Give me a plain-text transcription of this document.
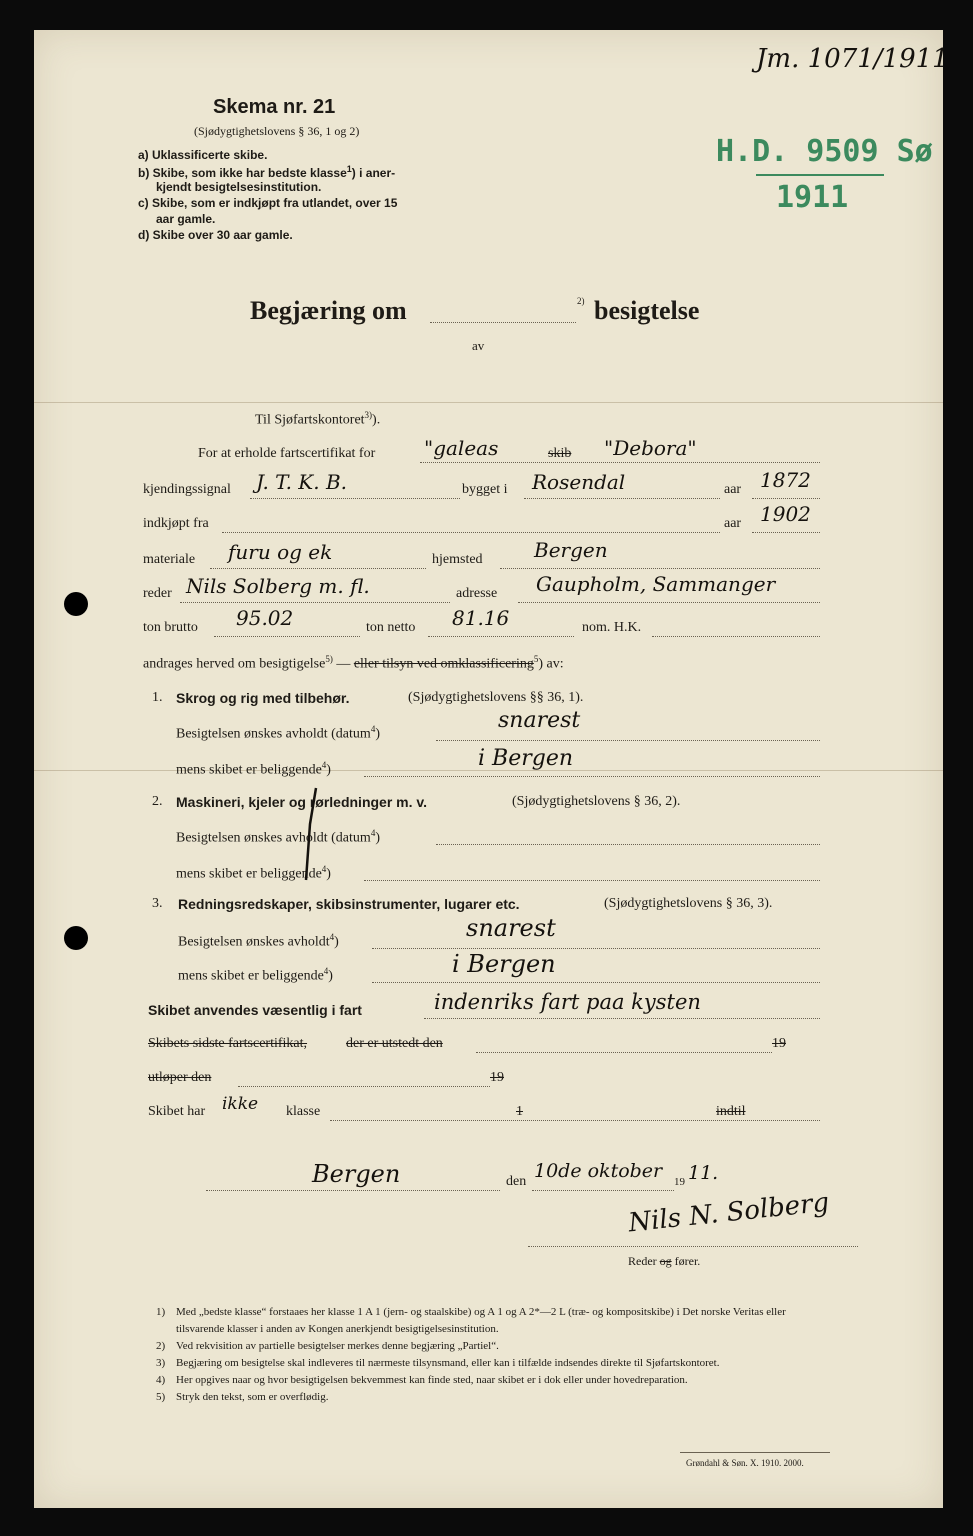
Jm. 1071/1911
H.D. 9509 Sø
1911
Skema nr. 21
(Sjødygtighetslovens § 36, 1 og 2)
a) Uklassificerte skibe.
b) Skibe, som ikke har bedste klasse$^1$) i aner-
kjendt besigtelsesinstitution.
c) Skibe, som er indkjøpt fra utlandet, over 15
aar gamle.
d) Skibe over 30 aar gamle.
Begjæring om	2) besigtelse
av
Til Sjøfartskontoret$^{3)}$).
For at erholde fartscertifikat for "galeas	skib "Debora"
kjendingssignal J. T. K. B.	bygget i Rosendal	aar 1872
indkjøpt fra	aar 1902
materiale furu og ek	hjemsted	Bergen
reder Nils Solberg m. fl.	adresse Gaupholm, Sammanger
ton brutto 95.02	ton netto 81.16	nom. H.K.
andrages herved om besigtigelse$^{5)}$ — eller tilsyn ved omklassificering$^5$) av:
1. Skrog og rig med tilbehør.	(Sjødygtighetslovens §§ 36, 1).
Besigtelsen ønskes avholdt (datum$^4$)
snarest
mens skibet er beliggende$^4$)	i Bergen
2. Maskineri, kjeler og rørledninger m. v.	(Sjødygtighetslovens § 36, 2).
Besigtelsen ønskes avholdt (datum$^4$)
mens skibet er beliggende$^4$)
3. Redningsredskaper, skibsinstrumenter, lugarer etc.	(Sjødygtighetslovens § 36, 3).
Besigtelsen ønskes avholdt$^4$)
snarest
mens skibet er beliggende$^4$)	i Bergen
Skibet anvendes væsentlig i fart	indenriks fart paa kysten
Skibets sidste fartscertifikat,	der er utstedt den	19
utløper den	19
Skibet har ikke klasse	1	indtil
Bergen	den 10de oktober 19 11.
Nils N. Solberg
Reder og fører.
1) Med „bedste klasse“ forstaaes her klasse 1 A 1 (jern- og staalskibe) og A 1 og A 2*—2 L (træ- og kompositskibe) i Det norske Veritas eller tilsvarende klasser i anden av Kongen anerkjendt besigtigelsesinstitution.
2) Ved rekvisition av partielle besigtelser merkes denne begjæring „Partiel“.
3) Begjæring om besigtelse skal indleveres til nærmeste tilsynsmand, eller kan i tilfælde indsendes direkte til Sjøfartskontoret.
4) Her opgives naar og hvor besigtigelsen bekvemmest kan finde sted, naar skibet er i dok eller under hovedreparation.
5) Stryk den tekst, som er overflødig.
Grøndahl & Søn. X. 1910. 2000.
